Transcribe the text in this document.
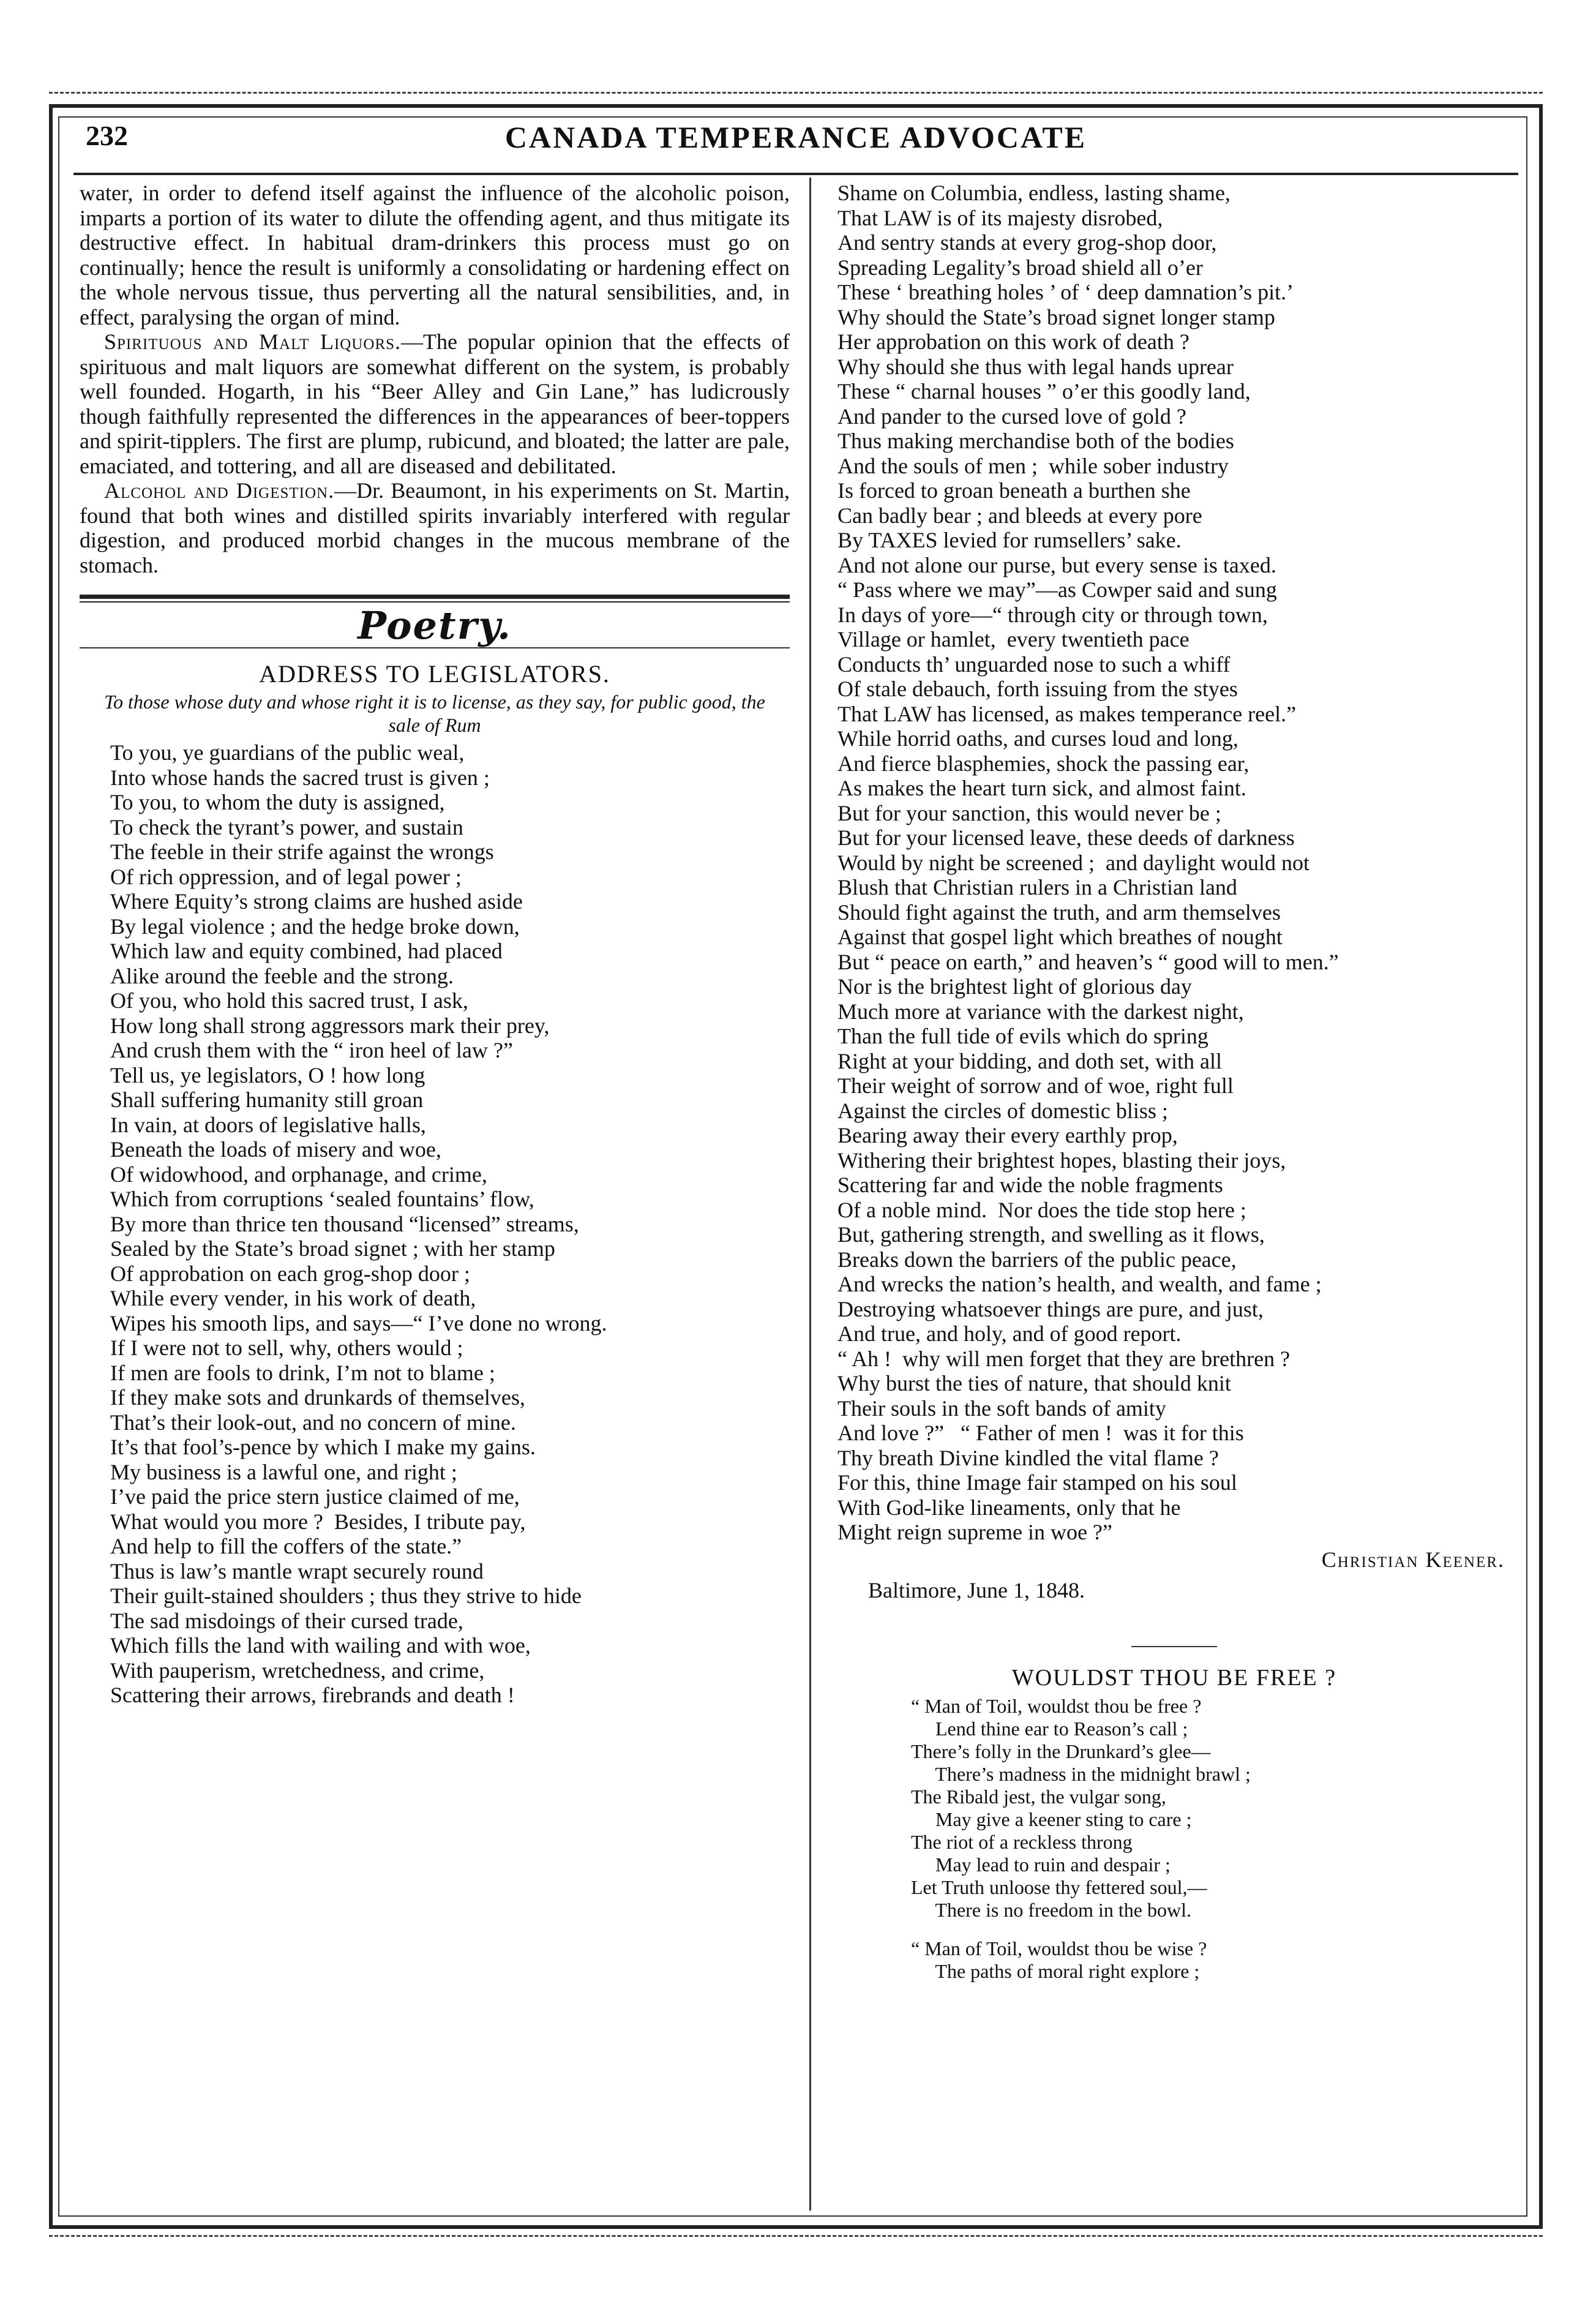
232	CANADA TEMPERANCE ADVOCATE

water, in order to defend itself against the influence of the alcoholic poison, imparts a portion of its water to dilute the offending agent, and thus mitigate its destructive effect. In habitual dram-drinkers this process must go on continually; hence the result is uniformly a consolidating or hardening effect on the whole nervous tissue, thus perverting all the natural sensibilities, and, in effect, paralysing the organ of mind.

Spirituous and Malt Liquors.—The popular opinion that the effects of spirituous and malt liquors are somewhat different on the system, is probably well founded. Hogarth, in his “Beer Alley and Gin Lane,” has ludicrously though faithfully represented the differences in the appearances of beer-toppers and spirit-tipplers. The first are plump, rubicund, and bloated; the latter are pale, emaciated, and tottering, and all are diseased and debilitated.

Alcohol and Digestion.—Dr. Beaumont, in his experiments on St. Martin, found that both wines and distilled spirits invariably interfered with regular digestion, and produced morbid changes in the mucous membrane of the stomach.

Poetry.
ADDRESS TO LEGISLATORS.
To those whose duty and whose right it is to license, as they say, for public good, the sale of Rum
To you, ye guardians of the public weal,
Into whose hands the sacred trust is given ;
To you, to whom the duty is assigned,
To check the tyrant’s power, and sustain
The feeble in their strife against the wrongs
Of rich oppression, and of legal power ;
Where Equity’s strong claims are hushed aside
By legal violence ; and the hedge broke down,
Which law and equity combined, had placed
Alike around the feeble and the strong.
Of you, who hold this sacred trust, I ask,
How long shall strong aggressors mark their prey,
And crush them with the “ iron heel of law ?”
Tell us, ye legislators, O ! how long
Shall suffering humanity still groan
In vain, at doors of legislative halls,
Beneath the loads of misery and woe,
Of widowhood, and orphanage, and crime,
Which from corruptions ‘sealed fountains’ flow,
By more than thrice ten thousand “licensed” streams,
Sealed by the State’s broad signet ; with her stamp
Of approbation on each grog-shop door ;
While every vender, in his work of death,
Wipes his smooth lips, and says—“ I’ve done no wrong.
If I were not to sell, why, others would ;
If men are fools to drink, I’m not to blame ;
If they make sots and drunkards of themselves,
That’s their look-out, and no concern of mine.
It’s that fool’s-pence by which I make my gains.
My business is a lawful one, and right ;
I’ve paid the price stern justice claimed of me,
What would you more ?  Besides, I tribute pay,
And help to fill the coffers of the state.”
Thus is law’s mantle wrapt securely round
Their guilt-stained shoulders ; thus they strive to hide
The sad misdoings of their cursed trade,
Which fills the land with wailing and with woe,
With pauperism, wretchedness, and crime,
Scattering their arrows, firebrands and death !
Shame on Columbia, endless, lasting shame,
That LAW is of its majesty disrobed,
And sentry stands at every grog-shop door,
Spreading Legality’s broad shield all o’er
These ‘ breathing holes ’ of ‘ deep damnation’s pit.’
Why should the State’s broad signet longer stamp
Her approbation on this work of death ?
Why should she thus with legal hands uprear
These “ charnal houses ” o’er this goodly land,
And pander to the cursed love of gold ?
Thus making merchandise both of the bodies
And the souls of men ;  while sober industry
Is forced to groan beneath a burthen she
Can badly bear ; and bleeds at every pore
By TAXES levied for rumsellers’ sake.
And not alone our purse, but every sense is taxed.
“ Pass where we may”—as Cowper said and sung
In days of yore—“ through city or through town,
Village or hamlet,  every twentieth pace
Conducts th’ unguarded nose to such a whiff
Of stale debauch, forth issuing from the styes
That LAW has licensed, as makes temperance reel.”
While horrid oaths, and curses loud and long,
And fierce blasphemies, shock the passing ear,
As makes the heart turn sick, and almost faint.
But for your sanction, this would never be ;
But for your licensed leave, these deeds of darkness
Would by night be screened ;  and daylight would not
Blush that Christian rulers in a Christian land
Should fight against the truth, and arm themselves
Against that gospel light which breathes of nought
But “ peace on earth,” and heaven’s “ good will to men.”
Nor is the brightest light of glorious day
Much more at variance with the darkest night,
Than the full tide of evils which do spring
Right at your bidding, and doth set, with all
Their weight of sorrow and of woe, right full
Against the circles of domestic bliss ;
Bearing away their every earthly prop,
Withering their brightest hopes, blasting their joys,
Scattering far and wide the noble fragments
Of a noble mind.  Nor does the tide stop here ;
But, gathering strength, and swelling as it flows,
Breaks down the barriers of the public peace,
And wrecks the nation’s health, and wealth, and fame ;
Destroying whatsoever things are pure, and just,
And true, and holy, and of good report.
“ Ah !  why will men forget that they are brethren ?
Why burst the ties of nature, that should knit
Their souls in the soft bands of amity
And love ?”   “ Father of men !  was it for this
Thy breath Divine kindled the vital flame ?
For this, thine Image fair stamped on his soul
With God-like lineaments, only that he
Might reign supreme in woe ?”
Christian Keener.
Baltimore, June 1, 1848.
WOULDST THOU BE FREE ?
“ Man of Toil, wouldst thou be free ?
Lend thine ear to Reason’s call ;
There’s folly in the Drunkard’s glee—
There’s madness in the midnight brawl ;
The Ribald jest, the vulgar song,
May give a keener sting to care ;
The riot of a reckless throng
May lead to ruin and despair ;
Let Truth unloose thy fettered soul,—
There is no freedom in the bowl.
“ Man of Toil, wouldst thou be wise ?
The paths of moral right explore ;
